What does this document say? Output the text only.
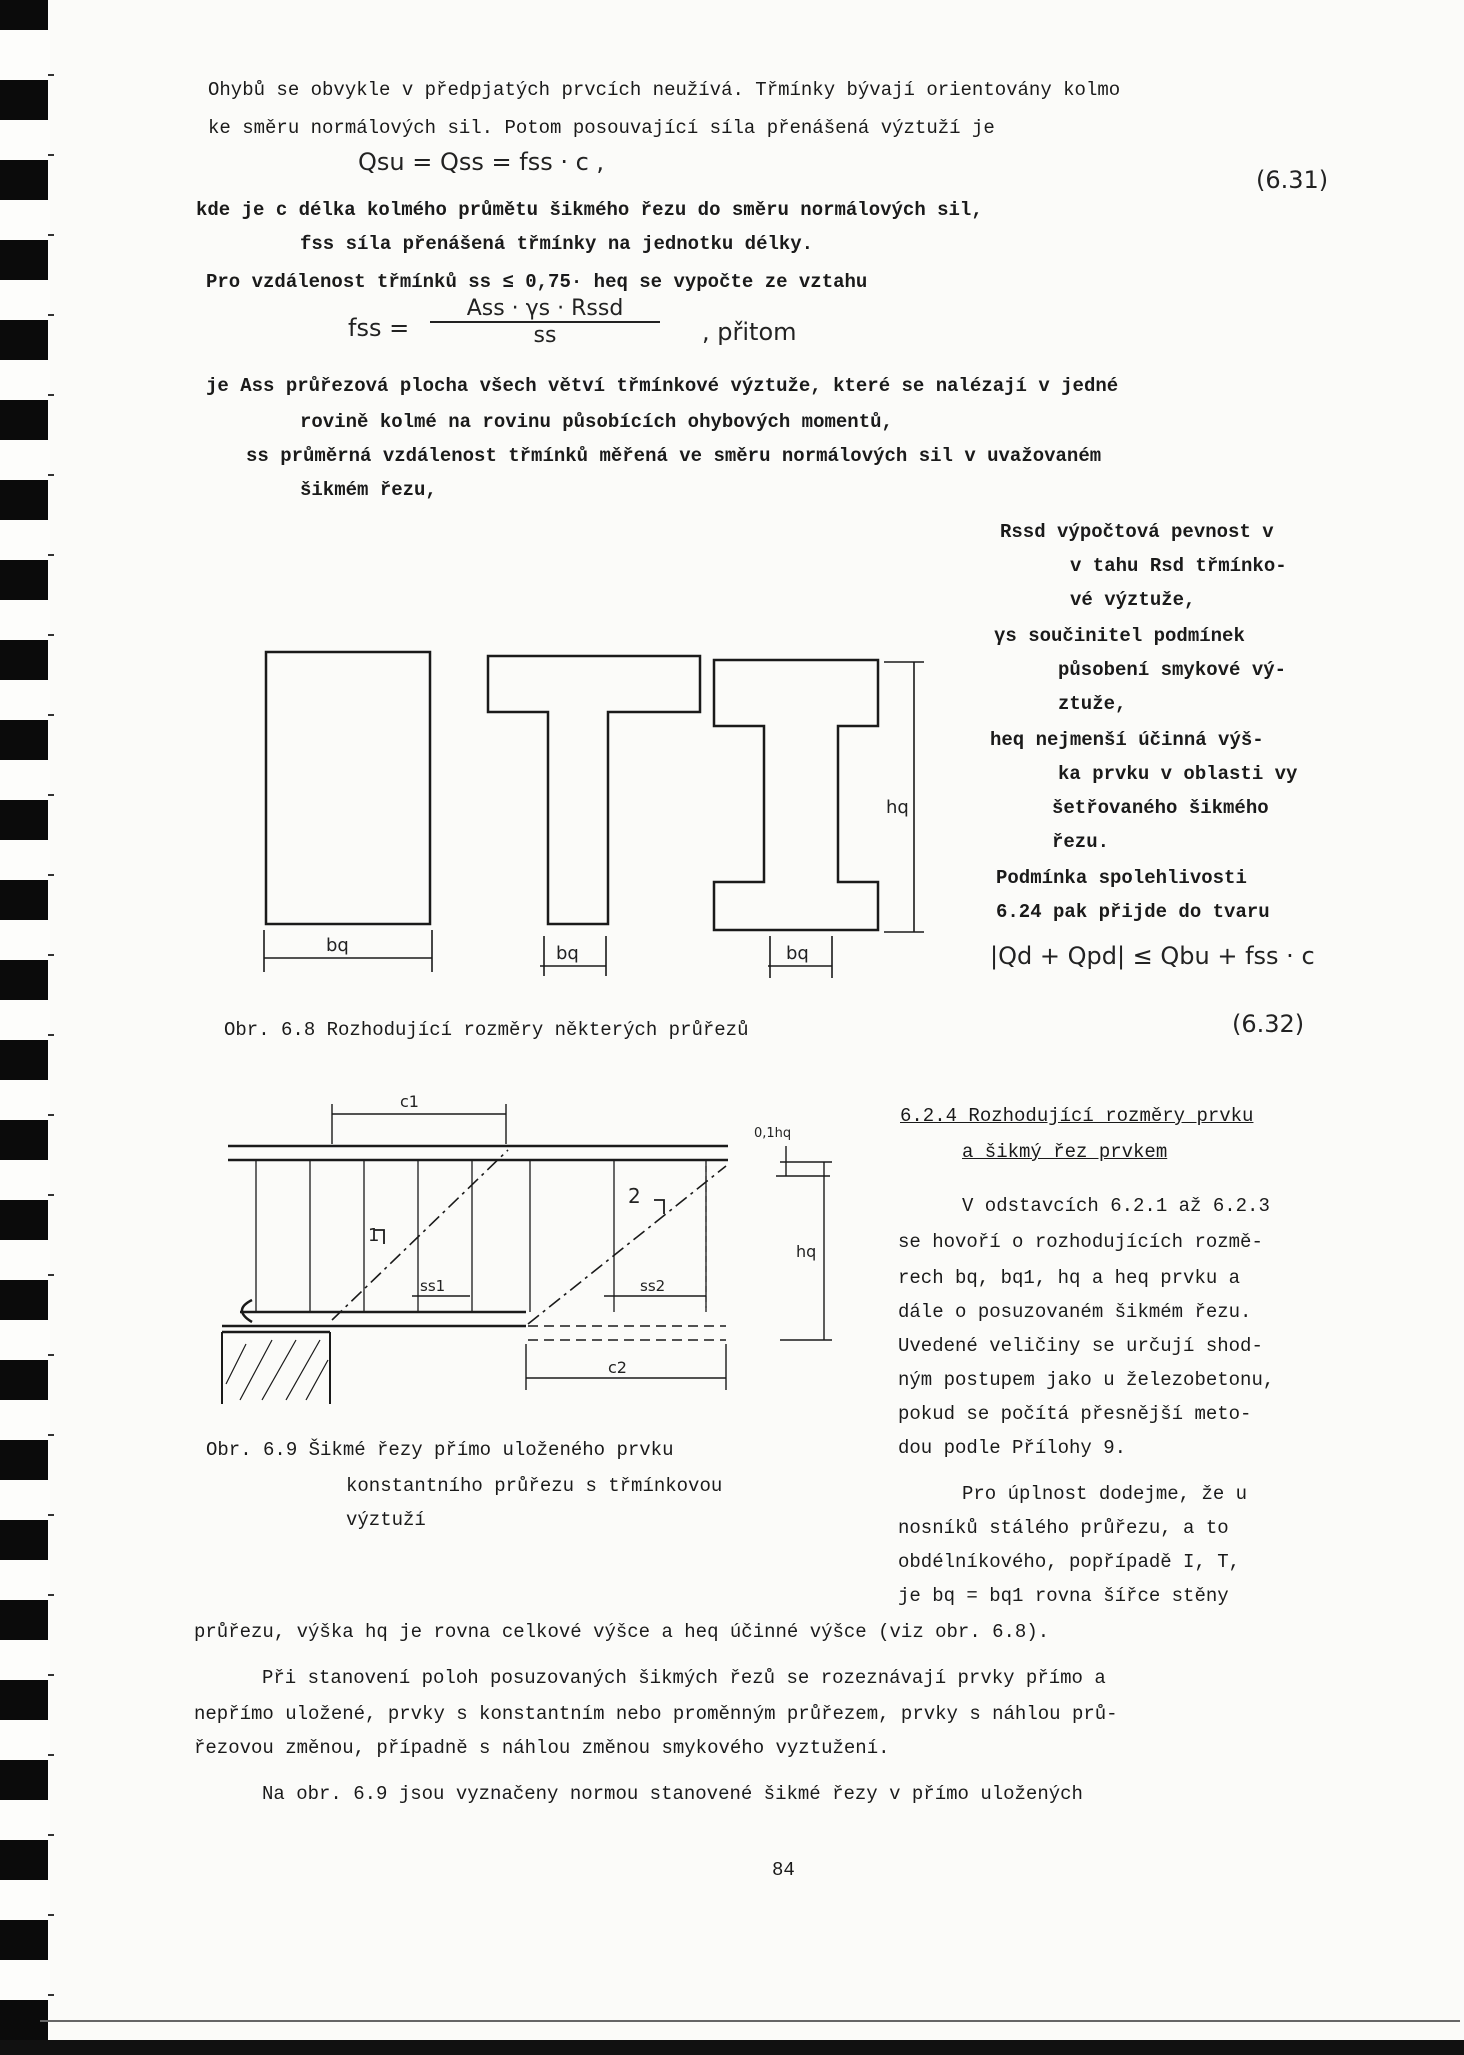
Ohybů se obvykle v předpjatých prvcích neužívá. Třmínky bývají orientovány kolmo
ke směru normálových sil. Potom posouvající síla přenášená výztuží je
Qsu = Qss = fss · c ,
(6.31)
kde je c délka kolmého průmětu šikmého řezu do směru normálových sil,
fss síla přenášená třmínky na jednotku délky.
Pro vzdálenost třmínků ss ≤ 0,75· heq se vypočte ze vztahu
fss =
Ass · γs · Rssd
ss	, přitom
je Ass průřezová plocha všech větví třmínkové výztuže, které se nalézají v jedné
rovině kolmé na rovinu působících ohybových momentů,
ss průměrná vzdálenost třmínků měřená ve směru normálových sil v uvažovaném
šikmém řezu,
Rssd výpočtová pevnost v
v tahu Rsd třmínko-
vé výztuže,
γs součinitel podmínek
působení smykové vý-
ztuže,
heq nejmenší účinná výš-
ka prvku v oblasti vy
šetřovaného šikmého
řezu.
Podmínka spolehlivosti
6.24 pak přijde do tvaru
|Qd + Qpd| ≤ Qbu + fss · c
(6.32)
bq	bq	bq
hq
Obr. 6.8 Rozhodující rozměry některých průřezů
c1
c2
1
2
ss1	ss2
0,1hq
hq
Obr. 6.9 Šikmé řezy přímo uloženého prvku
konstantního průřezu s třmínkovou
výztuží
6.2.4 Rozhodující rozměry prvku
a šikmý řez prvkem
V odstavcích 6.2.1 až 6.2.3
se hovoří o rozhodujících rozmě-
rech bq, bq1, hq a heq prvku a
dále o posuzovaném šikmém řezu.
Uvedené veličiny se určují shod-
ným postupem jako u železobetonu,
pokud se počítá přesnější meto-
dou podle Přílohy 9.
Pro úplnost dodejme, že u
nosníků stálého průřezu, a to
obdélníkového, popřípadě I, T,
je bq = bq1 rovna šířce stěny
průřezu, výška hq je rovna celkové výšce a heq účinné výšce (viz obr. 6.8).
Při stanovení poloh posuzovaných šikmých řezů se rozeznávají prvky přímo a
nepřímo uložené, prvky s konstantním nebo proměnným průřezem, prvky s náhlou prů-
řezovou změnou, případně s náhlou změnou smykového vyztužení.
Na obr. 6.9 jsou vyznačeny normou stanovené šikmé řezy v přímo uložených
84
